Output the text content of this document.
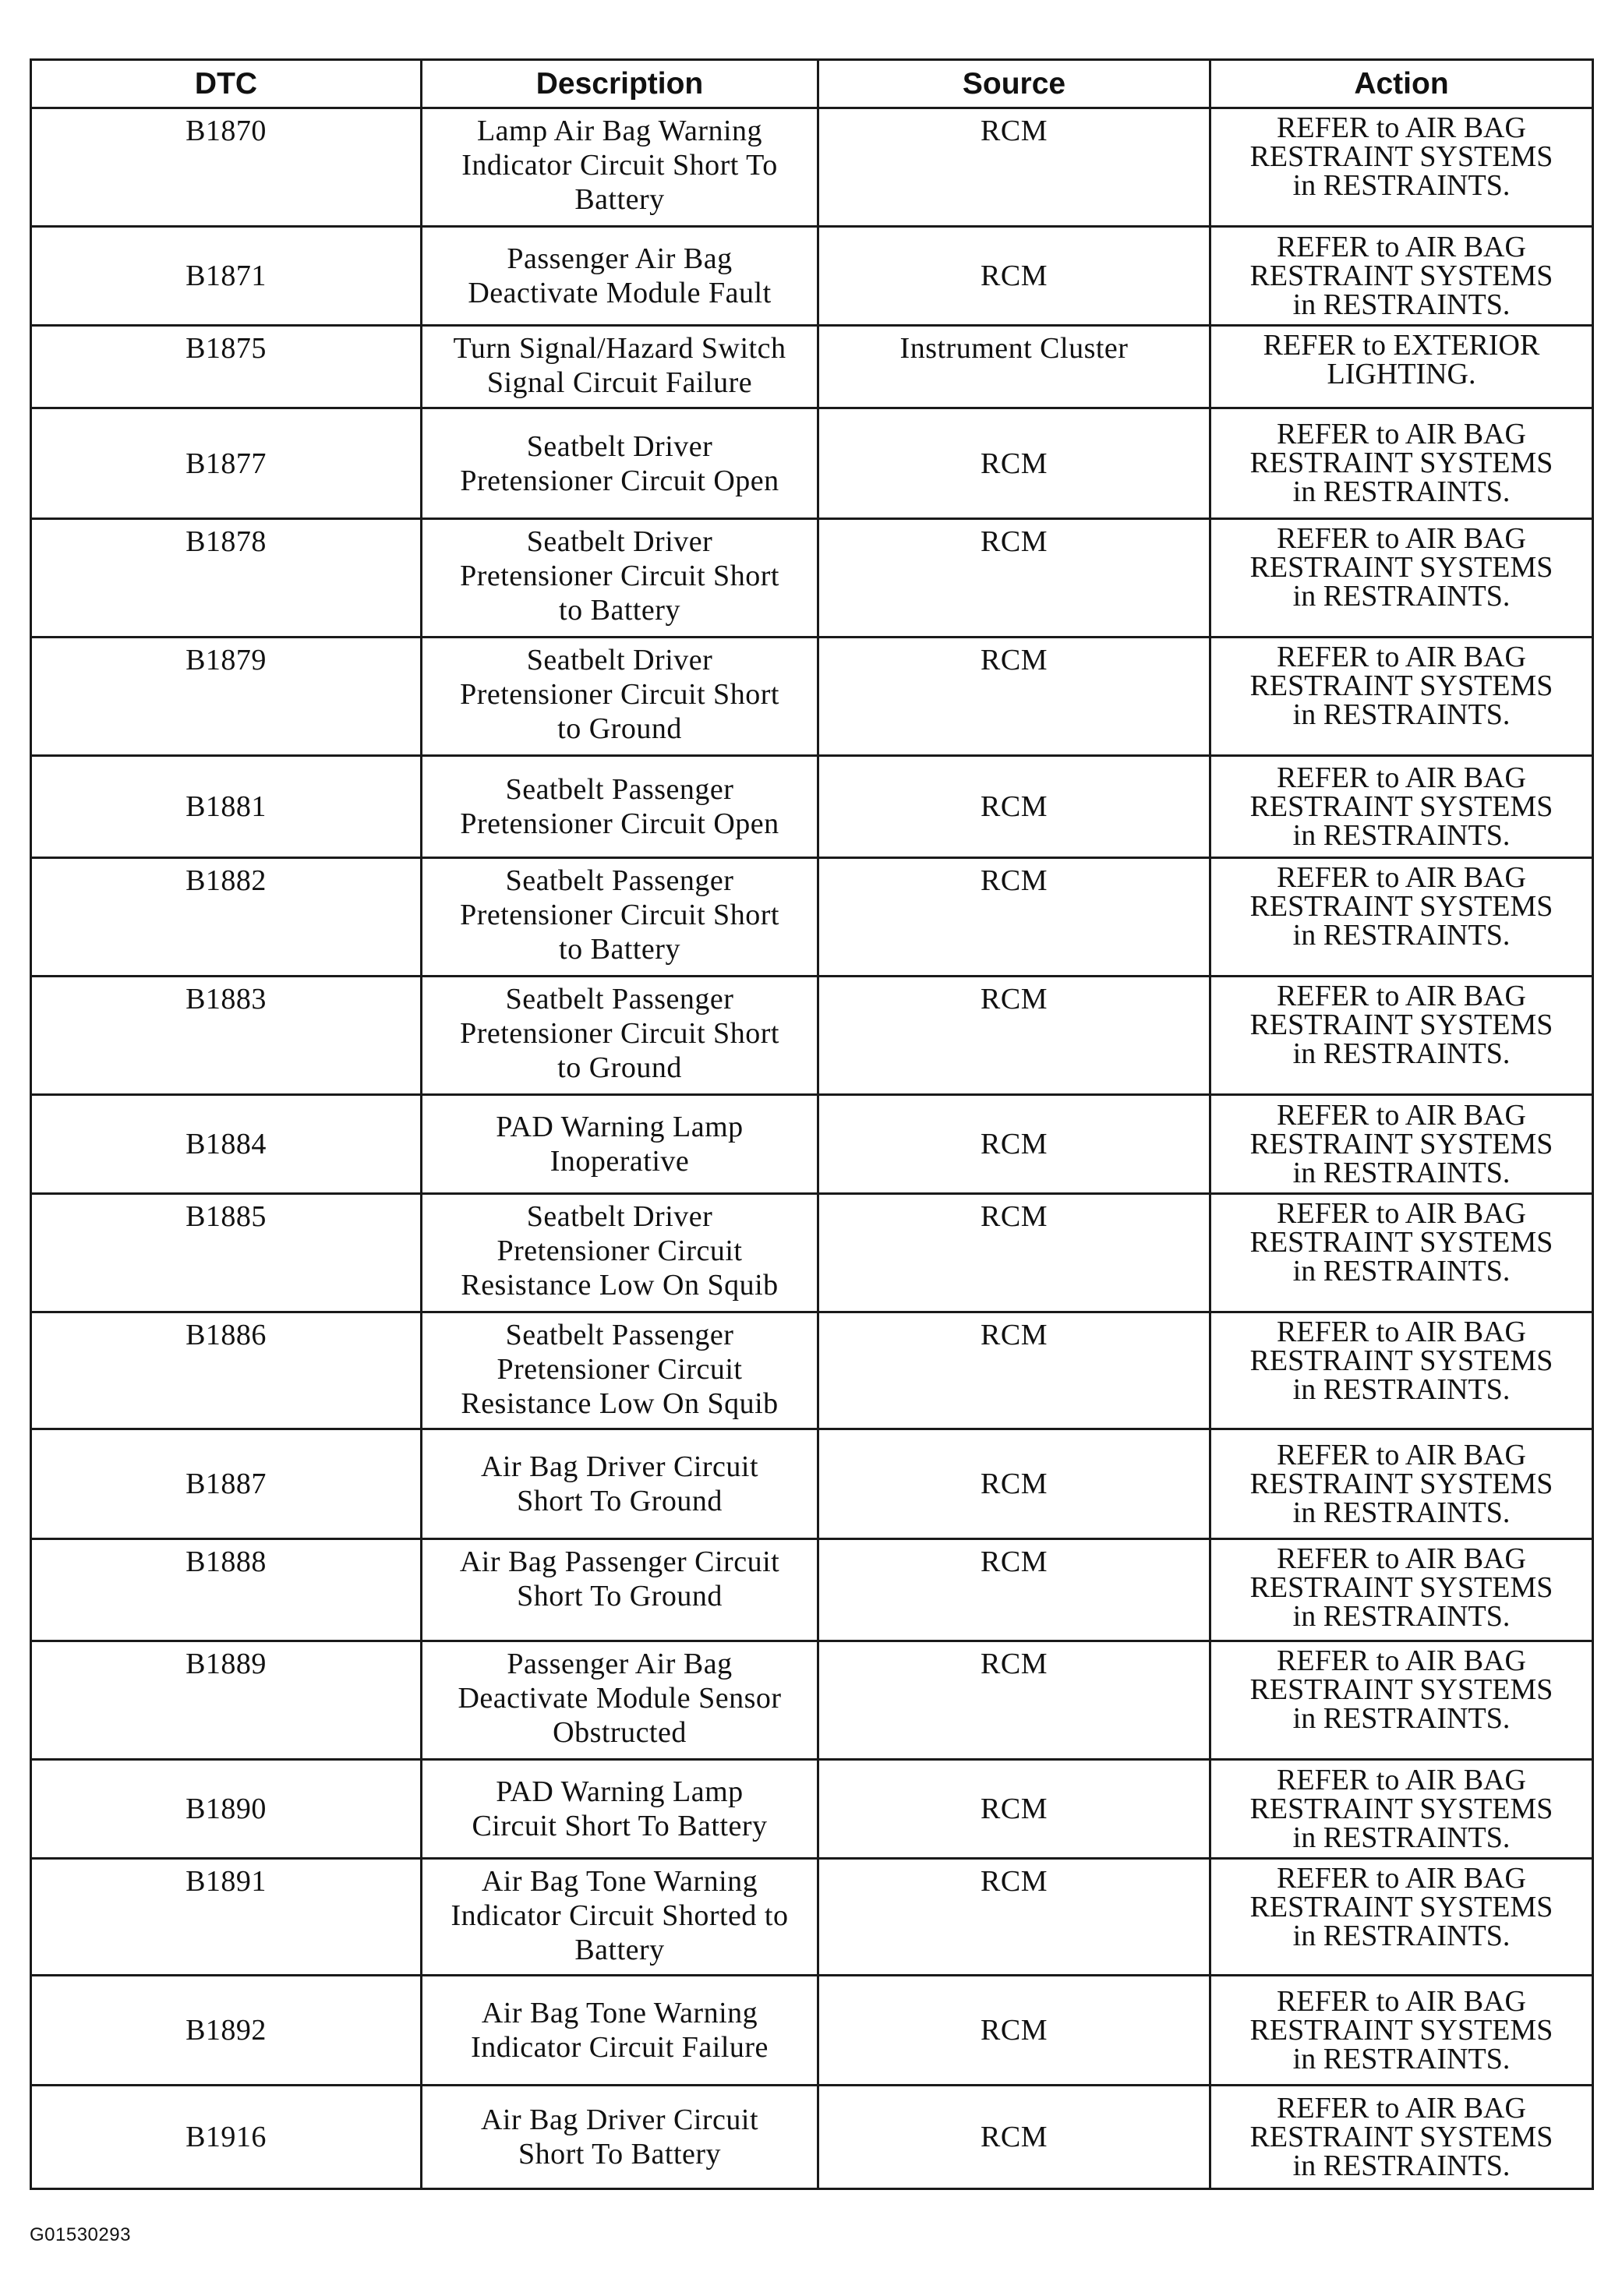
DTC	Description	Source	Action
B1870	Lamp Air Bag Warning
Indicator Circuit Short To
Battery	RCM	REFER to AIR BAG
RESTRAINT SYSTEMS
in RESTRAINTS.

B1871	Passenger Air Bag
Deactivate Module Fault	RCM	REFER to AIR BAG
RESTRAINT SYSTEMS
in RESTRAINTS.

B1875	Turn Signal/Hazard Switch
Signal Circuit Failure	Instrument Cluster	REFER to EXTERIOR
LIGHTING.

B1877	Seatbelt Driver
Pretensioner Circuit Open	RCM	REFER to AIR BAG
RESTRAINT SYSTEMS
in RESTRAINTS.

B1878	Seatbelt Driver
Pretensioner Circuit Short
to Battery	RCM	REFER to AIR BAG
RESTRAINT SYSTEMS
in RESTRAINTS.

B1879	Seatbelt Driver
Pretensioner Circuit Short
to Ground	RCM	REFER to AIR BAG
RESTRAINT SYSTEMS
in RESTRAINTS.

B1881	Seatbelt Passenger
Pretensioner Circuit Open	RCM	REFER to AIR BAG
RESTRAINT SYSTEMS
in RESTRAINTS.

B1882	Seatbelt Passenger
Pretensioner Circuit Short
to Battery	RCM	REFER to AIR BAG
RESTRAINT SYSTEMS
in RESTRAINTS.

B1883	Seatbelt Passenger
Pretensioner Circuit Short
to Ground	RCM	REFER to AIR BAG
RESTRAINT SYSTEMS
in RESTRAINTS.

B1884	PAD Warning Lamp
Inoperative	RCM	REFER to AIR BAG
RESTRAINT SYSTEMS
in RESTRAINTS.

B1885	Seatbelt Driver
Pretensioner Circuit
Resistance Low On Squib	RCM	REFER to AIR BAG
RESTRAINT SYSTEMS
in RESTRAINTS.

B1886	Seatbelt Passenger
Pretensioner Circuit
Resistance Low On Squib	RCM	REFER to AIR BAG
RESTRAINT SYSTEMS
in RESTRAINTS.

B1887	Air Bag Driver Circuit
Short To Ground	RCM	REFER to AIR BAG
RESTRAINT SYSTEMS
in RESTRAINTS.

B1888	Air Bag Passenger Circuit
Short To Ground	RCM	REFER to AIR BAG
RESTRAINT SYSTEMS
in RESTRAINTS.

B1889	Passenger Air Bag
Deactivate Module Sensor
Obstructed	RCM	REFER to AIR BAG
RESTRAINT SYSTEMS
in RESTRAINTS.

B1890	PAD Warning Lamp
Circuit Short To Battery	RCM	REFER to AIR BAG
RESTRAINT SYSTEMS
in RESTRAINTS.

B1891	Air Bag Tone Warning
Indicator Circuit Shorted to
Battery	RCM	REFER to AIR BAG
RESTRAINT SYSTEMS
in RESTRAINTS.

B1892	Air Bag Tone Warning
Indicator Circuit Failure	RCM	REFER to AIR BAG
RESTRAINT SYSTEMS
in RESTRAINTS.

B1916	Air Bag Driver Circuit
Short To Battery	RCM	REFER to AIR BAG
RESTRAINT SYSTEMS
in RESTRAINTS.
G01530293
